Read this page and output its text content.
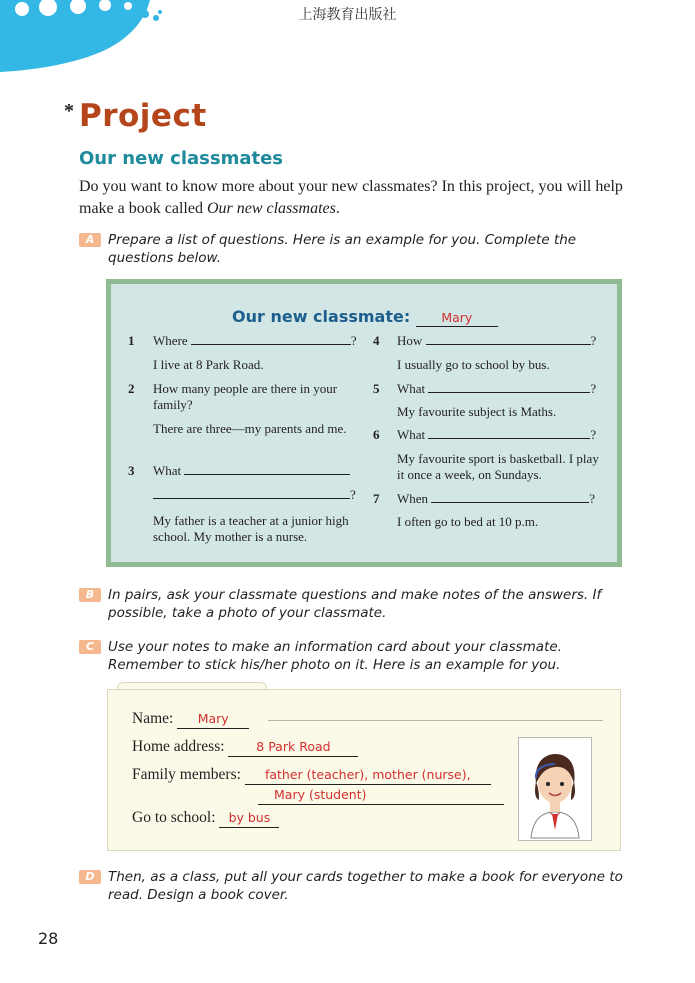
上海教育出版社
* Project
Our new classmates
Do you want to know more about your new classmates? In this project, you will help make a book called Our new classmates.
A	Prepare a list of questions. Here is an example for you. Complete the questions below.
Our new classmate: Mary
1 Where	?
I live at 8 Park Road.
2 How many people are there in your family?
There are three—my parents and me.
3 What
?
My father is a teacher at a junior high school. My mother is a nurse.
4 How	?
I usually go to school by bus.
5 What	?
My favourite subject is Maths.
6 What	?
My favourite sport is basketball. I play it once a week, on Sundays.
7 When	?
I often go to bed at 10 p.m.
B	In pairs, ask your classmate questions and make notes of the answers. If possible, take a photo of your classmate.
C	Use your notes to make an information card about your classmate. Remember to stick his/her photo on it. Here is an example for you.
Name: Mary
Home address:	8 Park Road
Family members: father (teacher), mother (nurse),
Mary (student)
Go to school: by bus
D Then, as a class, put all your cards together to make a book for everyone to read. Design a book cover.
28
